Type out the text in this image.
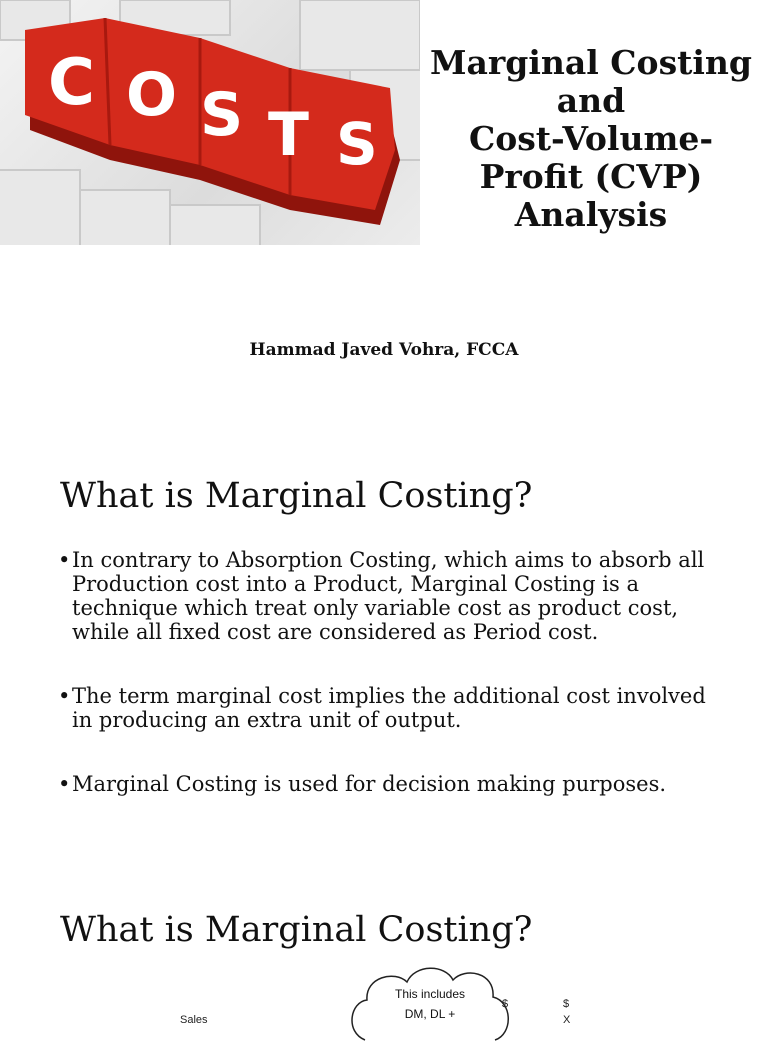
C O S T S
Marginal Costing
and
Cost-Volume-
Profit (CVP)
Analysis
Hammad Javed Vohra, FCCA
What is Marginal Costing?
• In contrary to Absorption Costing, which aims to absorb all Production cost into a Product, Marginal Costing is a technique which treat only variable cost as product cost, while all fixed cost are considered as Period cost.
• The term marginal cost implies the additional cost involved in producing an extra unit of output.
• Marginal Costing is used for decision making purposes.
What is Marginal Costing?
This includes
DM, DL +
Sales
$	$
X
